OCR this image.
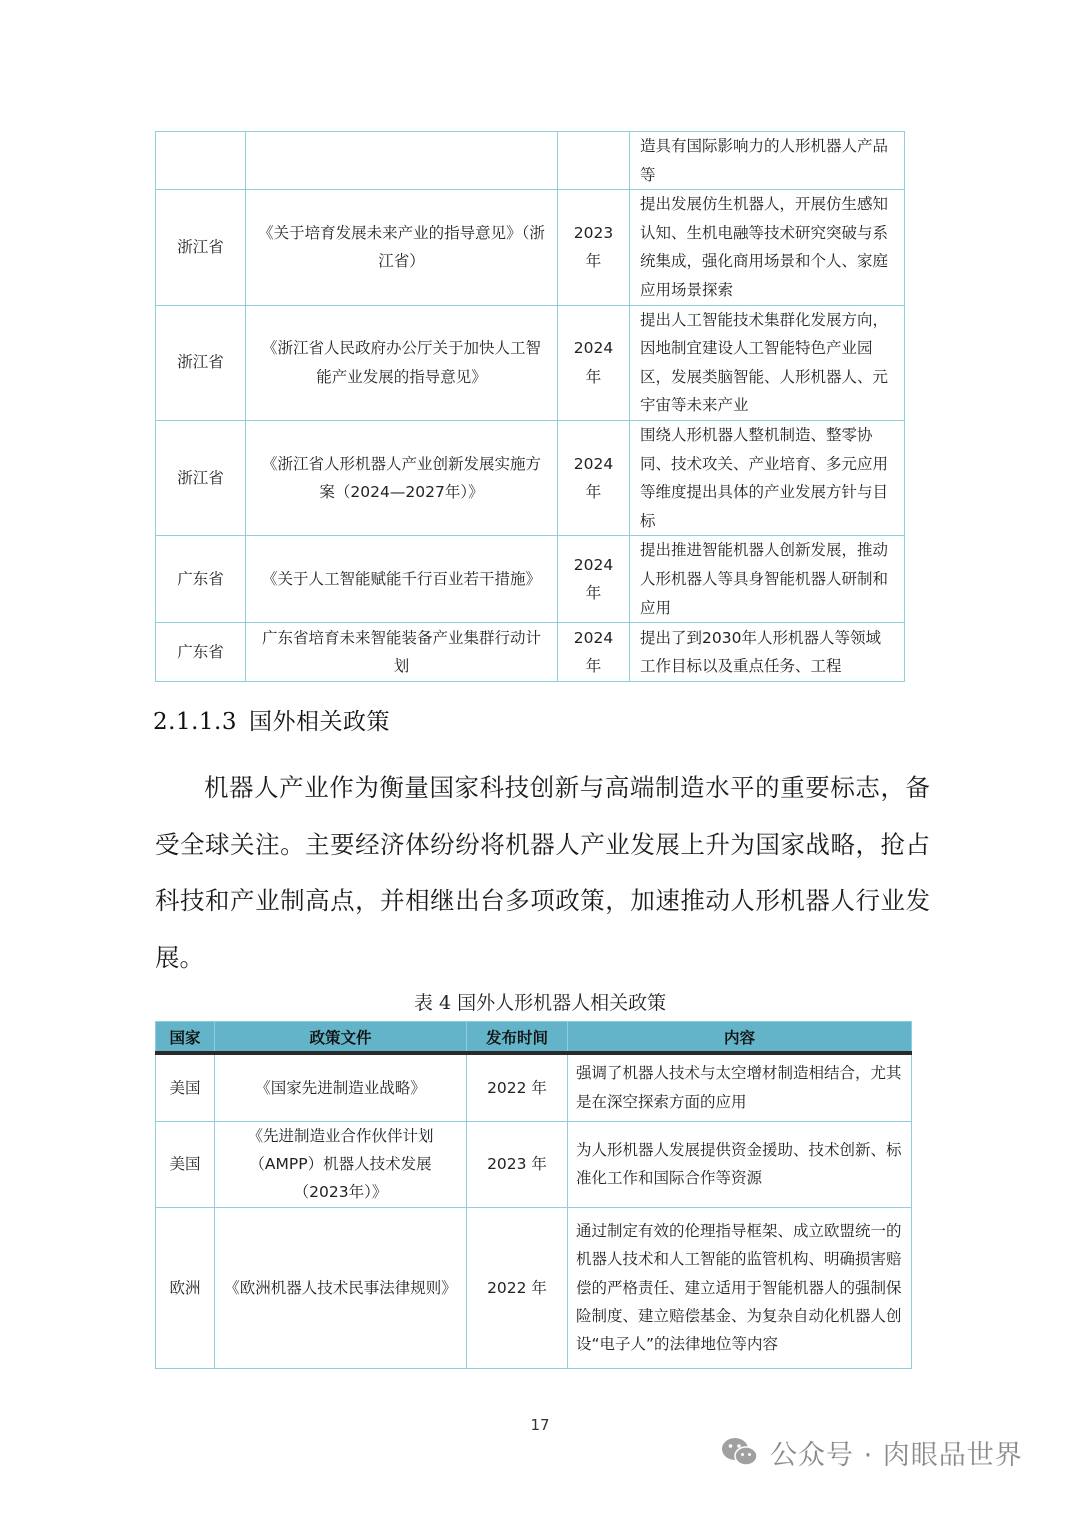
			造具有国际影响力的人形机器人产品等
浙江省	《关于培育发展未来产业的指导意见》（浙江省）	2023年	提出发展仿生机器人，开展仿生感知认知、生机电融等技术研究突破与系统集成，强化商用场景和个人、家庭应用场景探索
浙江省	《浙江省人民政府办公厅关于加快人工智能产业发展的指导意见》	2024年	提出人工智能技术集群化发展方向，因地制宜建设人工智能特色产业园区，发展类脑智能、人形机器人、元宇宙等未来产业
浙江省	《浙江省人形机器人产业创新发展实施方案（2024—2027年）》	2024年	围绕人形机器人整机制造、整零协同、技术攻关、产业培育、多元应用等维度提出具体的产业发展方针与目标
广东省	《关于人工智能赋能千行百业若干措施》	2024年	提出推进智能机器人创新发展，推动人形机器人等具身智能机器人研制和应用
广东省	广东省培育未来智能装备产业集群行动计划	2024年	提出了到2030年人形机器人等领域工作目标以及重点任务、工程
2.1.1.3 国外相关政策

机器人产业作为衡量国家科技创新与高端制造水平的重要标志，备受全球关注。主要经济体纷纷将机器人产业发展上升为国家战略，抢占科技和产业制高点，并相继出台多项政策，加速推动人形机器人行业发展。

表 4 国外人形机器人相关政策
国家	政策文件	发布时间	内容
美国	《国家先进制造业战略》	2022 年	强调了机器人技术与太空增材制造相结合，尤其是在深空探索方面的应用
美国	《先进制造业合作伙伴计划（AMPP）机器人技术发展（2023年）》	2023 年	为人形机器人发展提供资金援助、技术创新、标准化工作和国际合作等资源
欧洲	《欧洲机器人技术民事法律规则》	2022 年	通过制定有效的伦理指导框架、成立欧盟统一的机器人技术和人工智能的监管机构、明确损害赔偿的严格责任、建立适用于智能机器人的强制保险制度、建立赔偿基金、为复杂自动化机器人创设“电子人”的法律地位等内容
17
公众号 · 肉眼品世界
